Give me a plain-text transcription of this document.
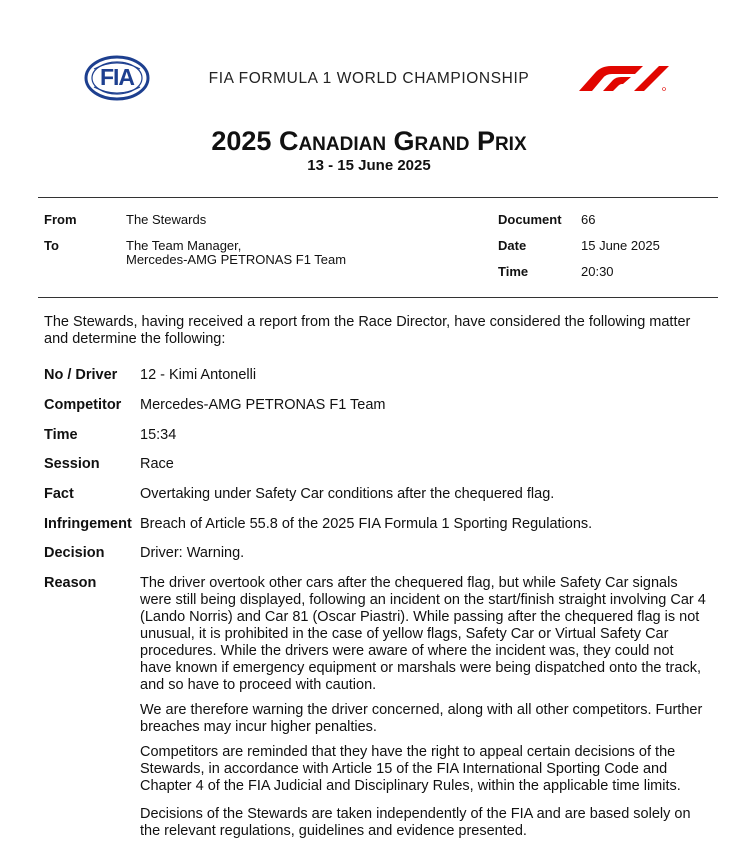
FIA	FIA FORMULA 1 WORLD CHAMPIONSHIP
2025 Canadian Grand Prix
13 - 15 June 2025
From	The Stewards
To	The Team Manager,
Mercedes-AMG PETRONAS F1 Team
Document 66
Date	15 June 2025
Time	20:30
The Stewards, having received a report from the Race Director, have considered the following matter and determine the following:
No / Driver	12 - Kimi Antonelli
Competitor	Mercedes-AMG PETRONAS F1 Team
Time	15:34
Session	Race
Fact	Overtaking under Safety Car conditions after the chequered flag.
Infringement Breach of Article 55.8 of the 2025 FIA Formula 1 Sporting Regulations.
Decision	Driver: Warning.
Reason	The driver overtook other cars after the chequered flag, but while Safety Car signals were still being displayed, following an incident on the start/finish straight involving Car 4 (Lando Norris) and Car 81 (Oscar Piastri). While passing after the chequered flag is not unusual, it is prohibited in the case of yellow flags, Safety Car or Virtual Safety Car procedures. While the drivers were aware of where the incident was, they could not have known if emergency equipment or marshals were being dispatched onto the track, and so have to proceed with caution.

We are therefore warning the driver concerned, along with all other competitors. Further breaches may incur higher penalties.

Competitors are reminded that they have the right to appeal certain decisions of the Stewards, in accordance with Article 15 of the FIA International Sporting Code and Chapter 4 of the FIA Judicial and Disciplinary Rules, within the applicable time limits.

Decisions of the Stewards are taken independently of the FIA and are based solely on the relevant regulations, guidelines and evidence presented.
